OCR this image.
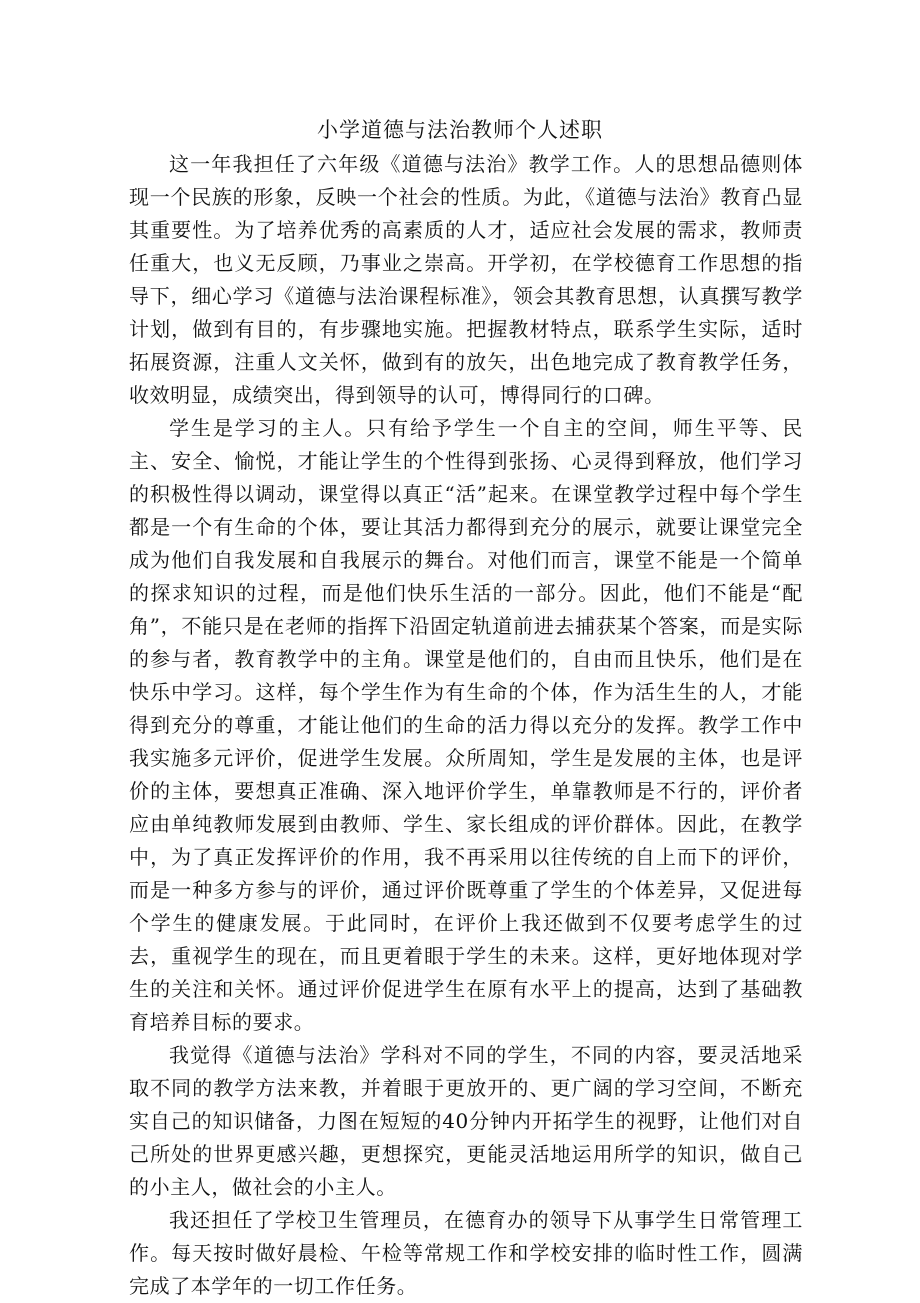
小学道德与法治教师个人述职

这一年我担任了六年级《道德与法治》教学工作。人的思想品德则体现一个民族的形象，反映一个社会的性质。为此，《道德与法治》教育凸显其重要性。为了培养优秀的高素质的人才，适应社会发展的需求，教师责任重大，也义无反顾，乃事业之崇高。开学初，在学校德育工作思想的指导下，细心学习《道德与法治课程标准》，领会其教育思想，认真撰写教学计划，做到有目的，有步骤地实施。把握教材特点，联系学生实际，适时拓展资源，注重人文关怀，做到有的放矢，出色地完成了教育教学任务，收效明显，成绩突出，得到领导的认可，博得同行的口碑。

学生是学习的主人。只有给予学生一个自主的空间，师生平等、民主、安全、愉悦，才能让学生的个性得到张扬、心灵得到释放，他们学习的积极性得以调动，课堂得以真正“活”起来。在课堂教学过程中每个学生都是一个有生命的个体，要让其活力都得到充分的展示，就要让课堂完全成为他们自我发展和自我展示的舞台。对他们而言，课堂不能是一个简单的探求知识的过程，而是他们快乐生活的一部分。因此，他们不能是“配角”，不能只是在老师的指挥下沿固定轨道前进去捕获某个答案，而是实际的参与者，教育教学中的主角。课堂是他们的，自由而且快乐，他们是在快乐中学习。这样，每个学生作为有生命的个体，作为活生生的人，才能得到充分的尊重，才能让他们的生命的活力得以充分的发挥。教学工作中我实施多元评价，促进学生发展。众所周知，学生是发展的主体，也是评价的主体，要想真正准确、深入地评价学生，单靠教师是不行的，评价者应由单纯教师发展到由教师、学生、家长组成的评价群体。因此，在教学中，为了真正发挥评价的作用，我不再采用以往传统的自上而下的评价，而是一种多方参与的评价，通过评价既尊重了学生的个体差异，又促进每个学生的健康发展。于此同时，在评价上我还做到不仅要考虑学生的过去，重视学生的现在，而且更着眼于学生的未来。这样，更好地体现对学生的关注和关怀。通过评价促进学生在原有水平上的提高，达到了基础教育培养目标的要求。

我觉得《道德与法治》学科对不同的学生，不同的内容，要灵活地采取不同的教学方法来教，并着眼于更放开的、更广阔的学习空间，不断充实自己的知识储备，力图在短短的40分钟内开拓学生的视野，让他们对自己所处的世界更感兴趣，更想探究，更能灵活地运用所学的知识，做自己的小主人，做社会的小主人。

我还担任了学校卫生管理员，在德育办的领导下从事学生日常管理工作。每天按时做好晨检、午检等常规工作和学校安排的临时性工作，圆满完成了本学年的一切工作任务。
